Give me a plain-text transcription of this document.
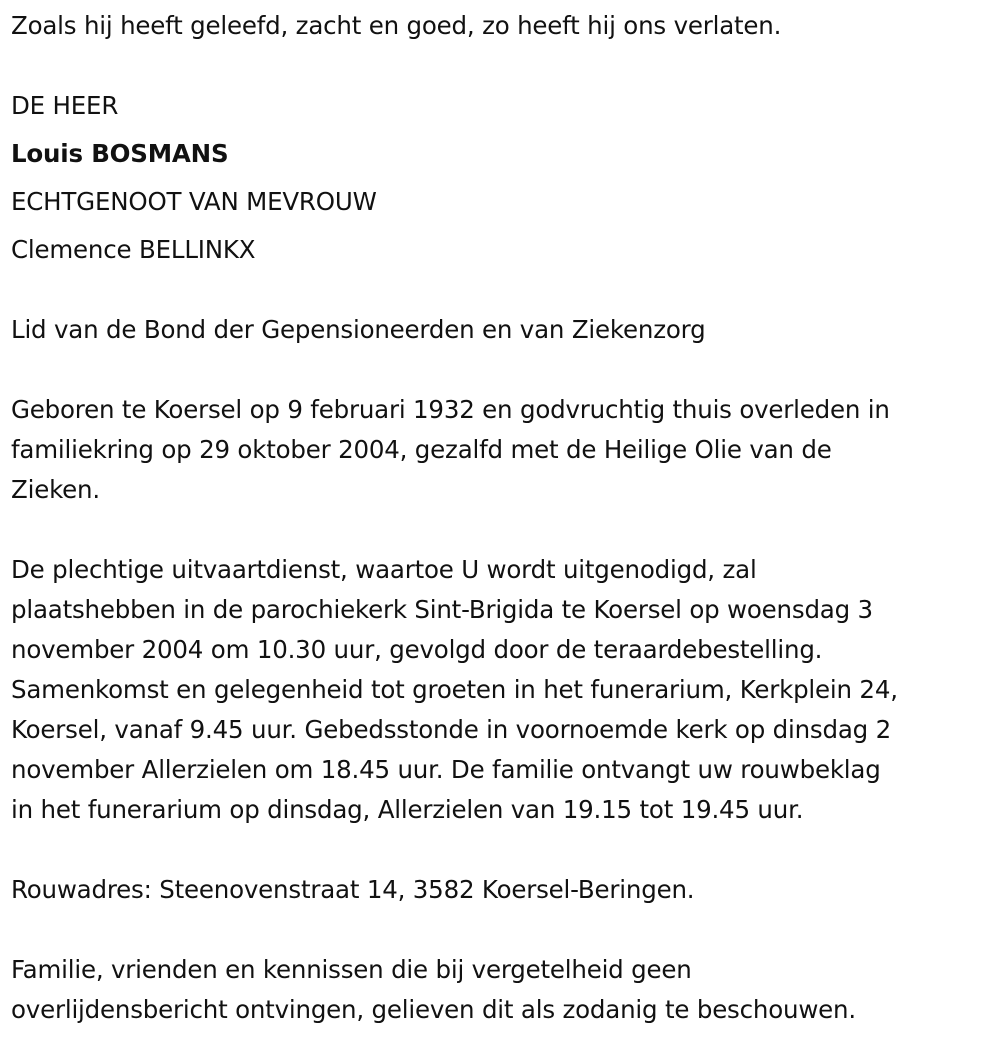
Zoals hij heeft geleefd, zacht en goed, zo heeft hij ons verlaten.
DE HEER
Louis BOSMANS
ECHTGENOOT VAN MEVROUW
Clemence BELLINKX
Lid van de Bond der Gepensioneerden en van Ziekenzorg
Geboren te Koersel op 9 februari 1932 en godvruchtig thuis overleden in
familiekring op 29 oktober 2004, gezalfd met de Heilige Olie van de
Zieken.
De plechtige uitvaartdienst, waartoe U wordt uitgenodigd, zal
plaatshebben in de parochiekerk Sint-Brigida te Koersel op woensdag 3
november 2004 om 10.30 uur, gevolgd door de teraardebestelling.
Samenkomst en gelegenheid tot groeten in het funerarium, Kerkplein 24,
Koersel, vanaf 9.45 uur. Gebedsstonde in voornoemde kerk op dinsdag 2
november Allerzielen om 18.45 uur. De familie ontvangt uw rouwbeklag
in het funerarium op dinsdag, Allerzielen van 19.15 tot 19.45 uur.
Rouwadres: Steenovenstraat 14, 3582 Koersel-Beringen.
Familie, vrienden en kennissen die bij vergetelheid geen
overlijdensbericht ontvingen, gelieven dit als zodanig te beschouwen.
